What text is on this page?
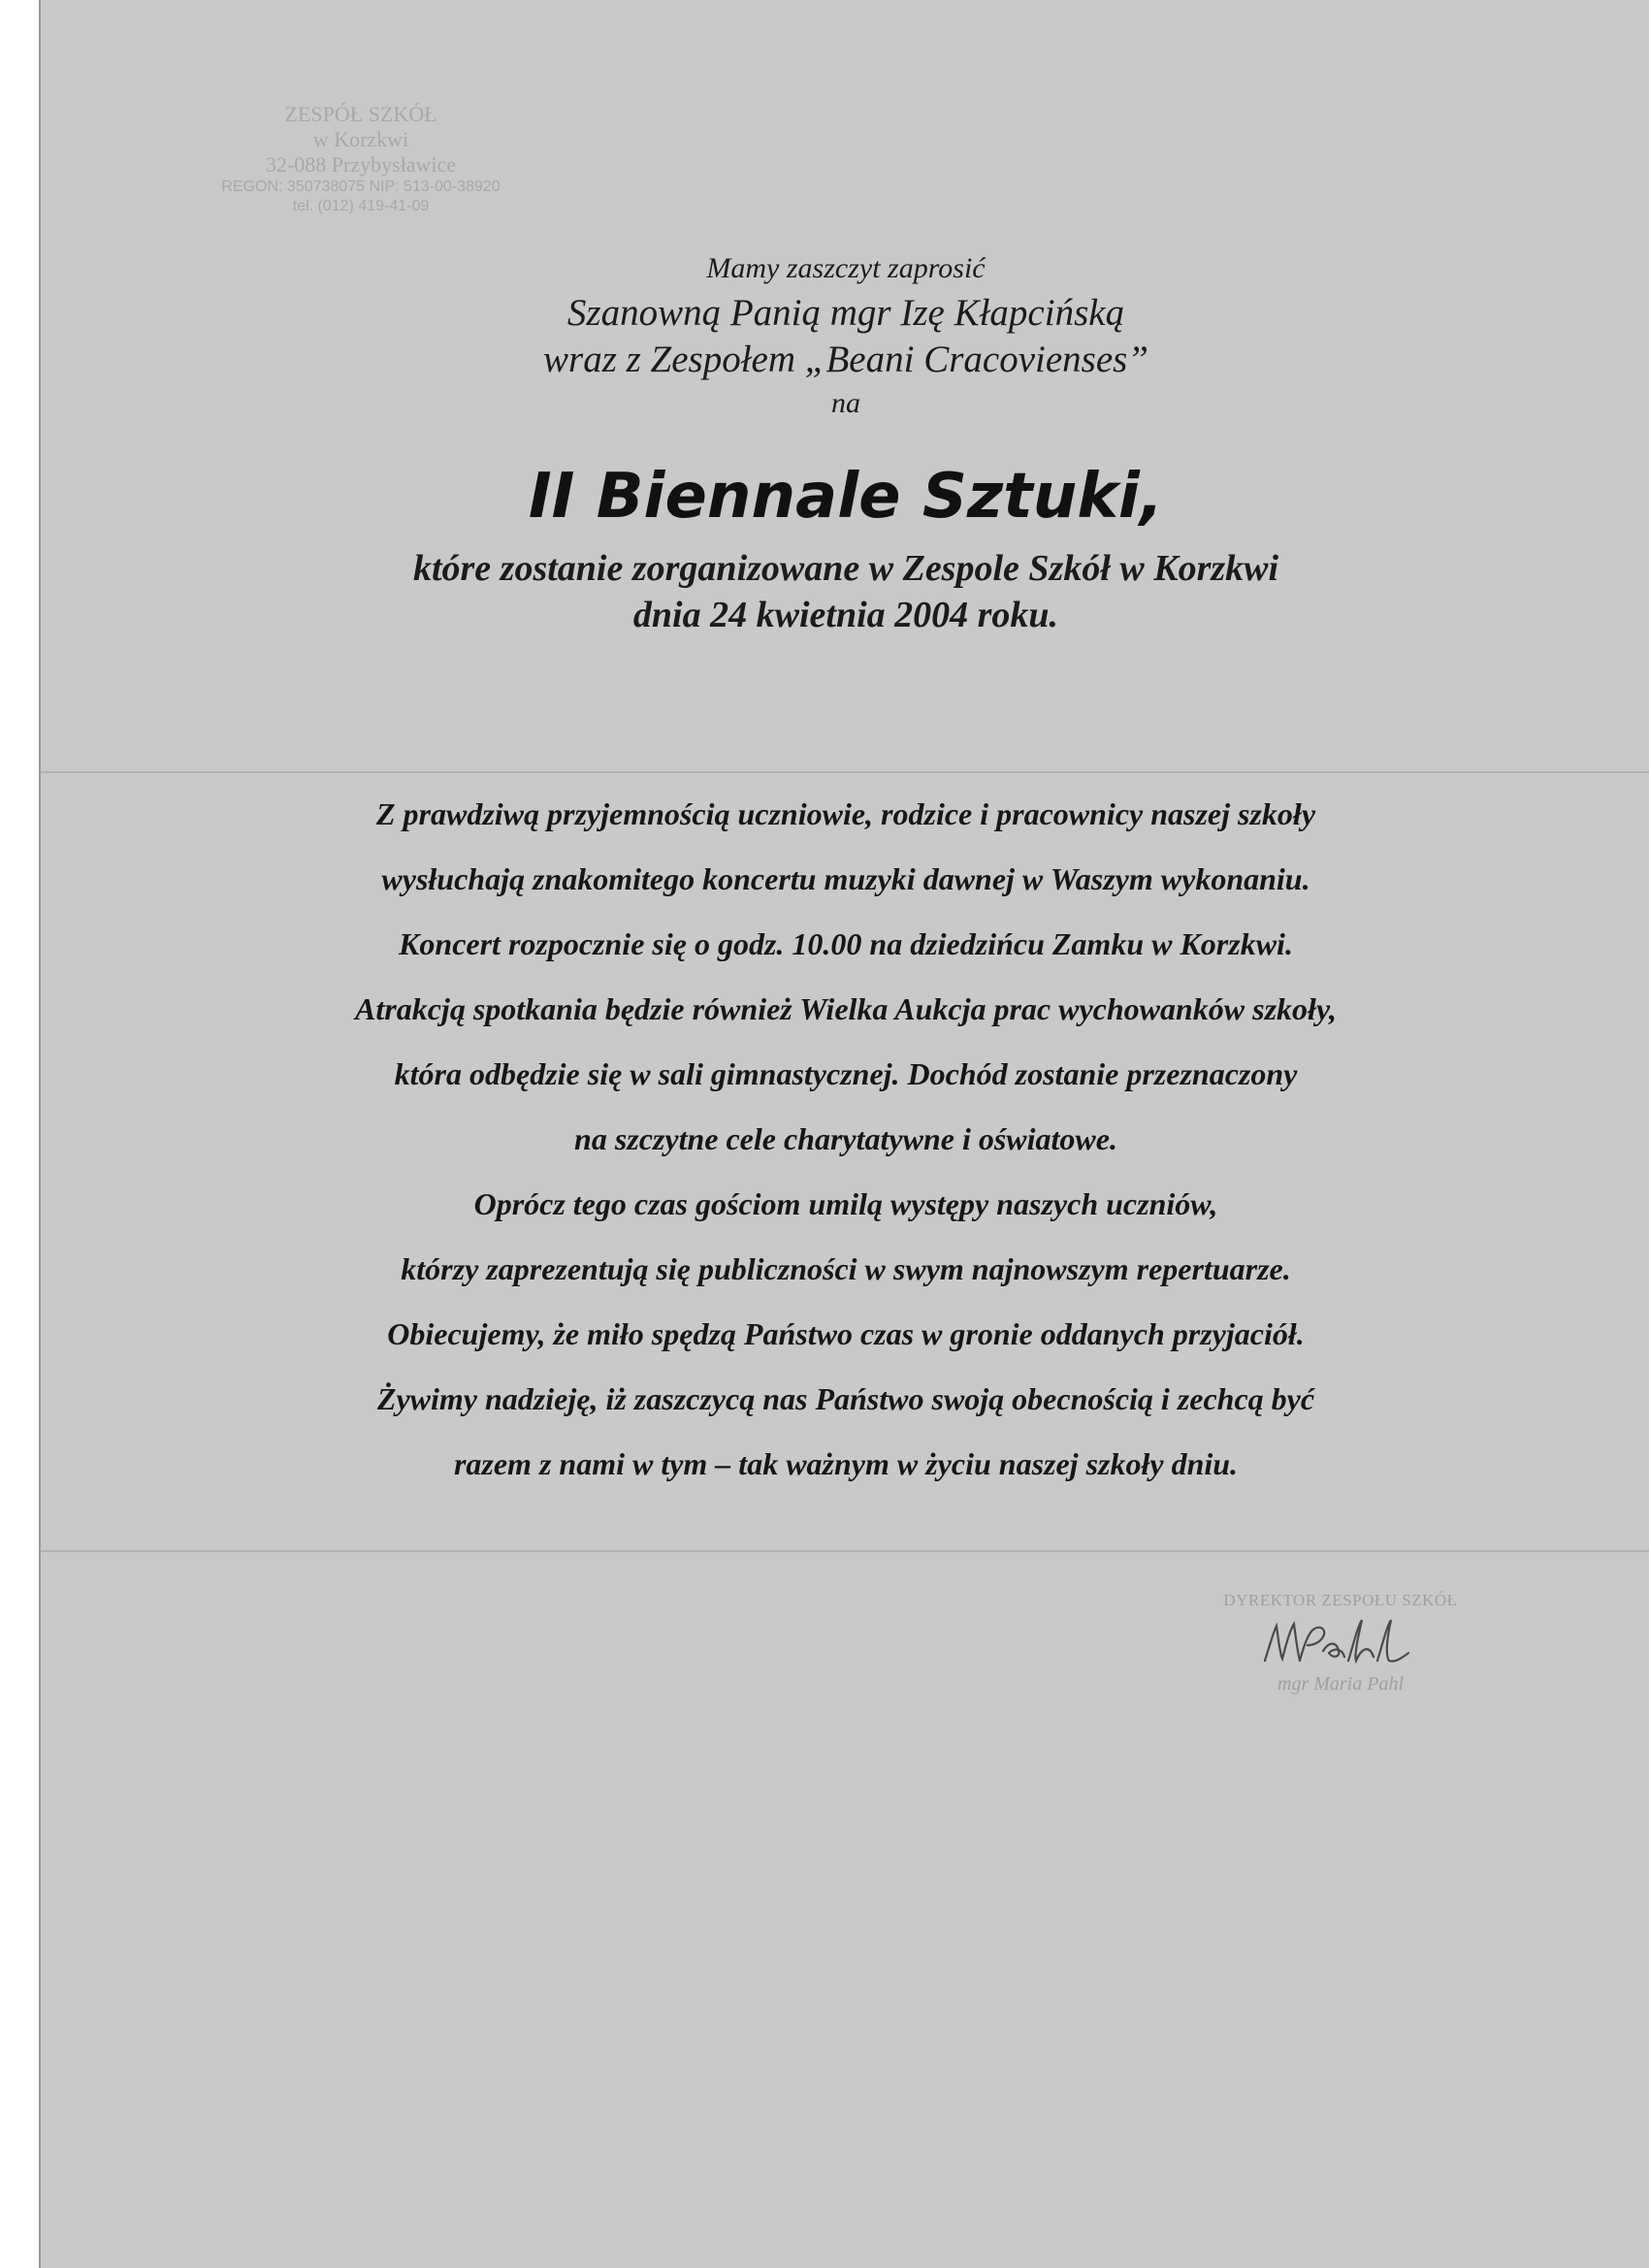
ZESPÓŁ SZKÓŁ
w Korzkwi
32-088 Przybysławice
REGON: 350738075 NIP: 513-00-38920
tel. (012) 419-41-09
Mamy zaszczyt zaprosić
Szanowną Panią mgr Izę Kłapcińską
wraz z Zespołem „Beani Cracovienses”
na
II Biennale Sztuki,
które zostanie zorganizowane w Zespole Szkół w Korzkwi
dnia 24 kwietnia 2004 roku.
Z prawdziwą przyjemnością uczniowie, rodzice i pracownicy naszej szkoły
wysłuchają znakomitego koncertu muzyki dawnej w Waszym wykonaniu.
Koncert rozpocznie się o godz. 10.00 na dziedzińcu Zamku w Korzkwi.
Atrakcją spotkania będzie również Wielka Aukcja prac wychowanków szkoły,
która odbędzie się w sali gimnastycznej. Dochód zostanie przeznaczony
na szczytne cele charytatywne i oświatowe.
Oprócz tego czas gościom umilą występy naszych uczniów,
którzy zaprezentują się publiczności w swym najnowszym repertuarze.
Obiecujemy, że miło spędzą Państwo czas w gronie oddanych przyjaciół.
Żywimy nadzieję, iż zaszczycą nas Państwo swoją obecnością i zechcą być
razem z nami w tym – tak ważnym w życiu naszej szkoły dniu.
DYREKTOR ZESPOŁU SZKÓŁ
mgr Maria Pahl
